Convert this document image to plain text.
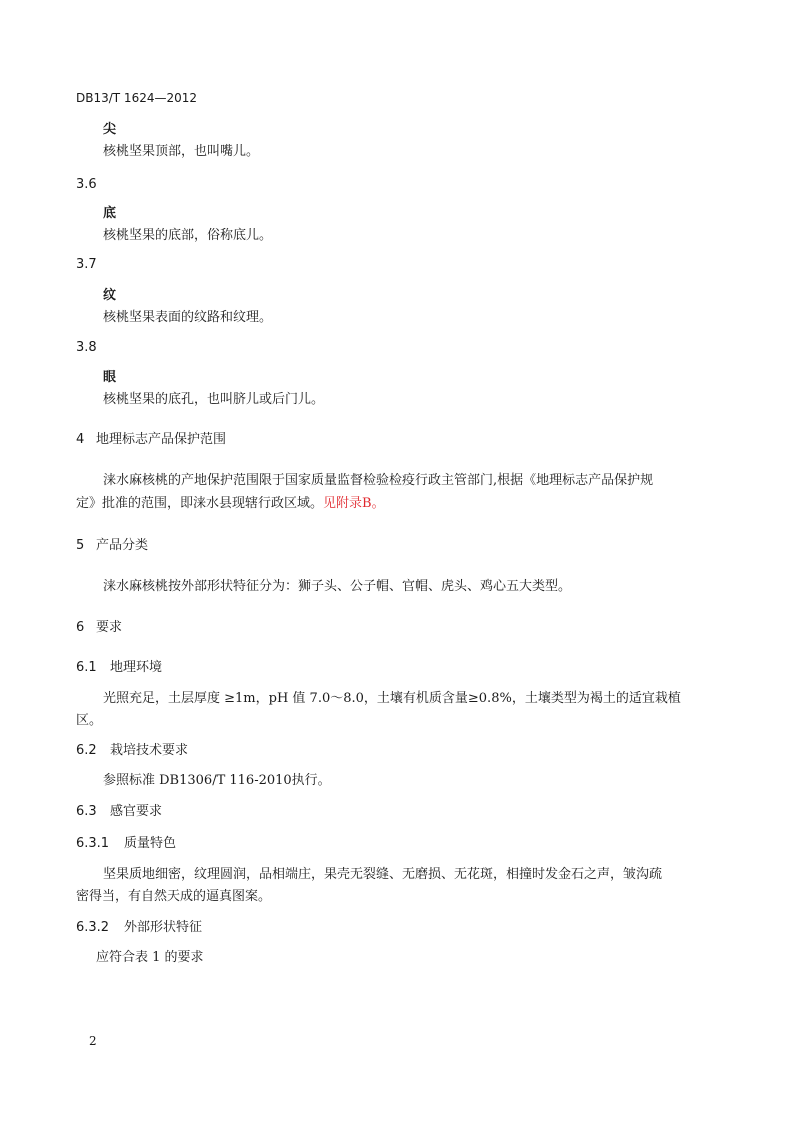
DB13/T 1624—2012
尖
核桃坚果顶部，也叫嘴儿。
3.6
底
核桃坚果的底部，俗称底儿。
3.7
纹
核桃坚果表面的纹路和纹理。
3.8
眼
核桃坚果的底孔，也叫脐儿或后门儿。
4 地理标志产品保护范围
涞水麻核桃的产地保护范围限于国家质量监督检验检疫行政主管部门,根据《地理标志产品保护规
定》批准的范围，即涞水县现辖行政区域。见附录B。
5 产品分类
涞水麻核桃按外部形状特征分为：狮子头、公子帽、官帽、虎头、鸡心五大类型。
6 要求
6.1 地理环境
光照充足，土层厚度 ≥1m，pH 值 7.0～8.0，土壤有机质含量≥0.8%，土壤类型为褐土的适宜栽植
区。
6.2 栽培技术要求
参照标准 DB1306/T 116-2010执行。
6.3 感官要求
6.3.1 质量特色
坚果质地细密，纹理圆润，品相端庄，果壳无裂缝、无磨损、无花斑，相撞时发金石之声，皱沟疏
密得当，有自然天成的逼真图案。
6.3.2 外部形状特征
应符合表 1 的要求
2
